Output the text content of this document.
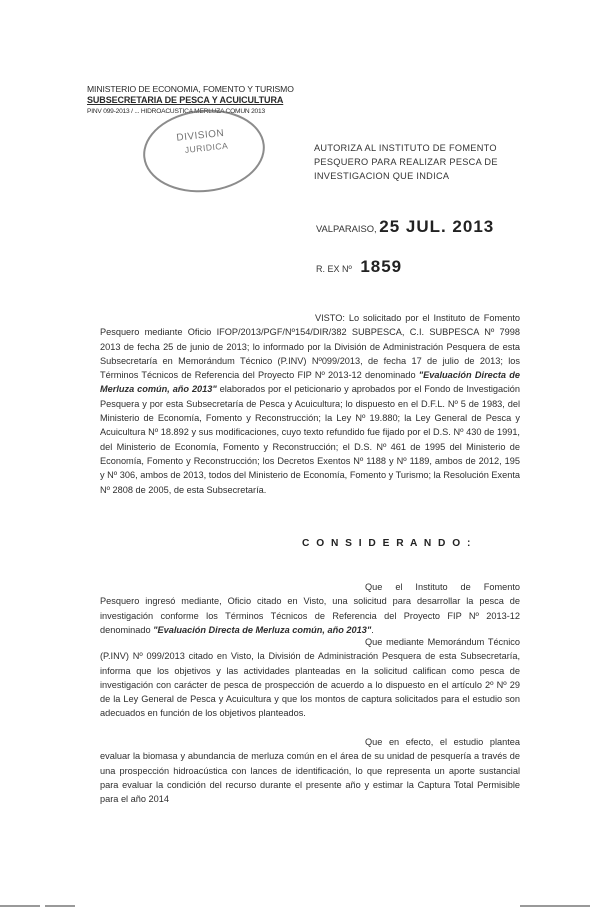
MINISTERIO DE ECONOMIA, FOMENTO Y TURISMO
SUBSECRETARIA DE PESCA Y ACUICULTURA
PINV 099-2013 / ... HIDROACUSTICA MERLUZA COMUN 2013
DIVISION
JURIDICA	AUTORIZA AL INSTITUTO DE FOMENTO PESQUERO PARA REALIZAR PESCA DE INVESTIGACION QUE INDICA
VALPARAISO, 25 JUL. 2013
R. EX Nº 1859
VISTO: Lo solicitado por el Instituto de Fomento Pesquero mediante Oficio IFOP/2013/PGF/Nº154/DIR/382 SUBPESCA, C.I. SUBPESCA Nº 7998 2013 de fecha 25 de junio de 2013; lo informado por la División de Administración Pesquera de esta Subsecretaría en Memorándum Técnico (P.INV) Nº099/2013, de fecha 17 de julio de 2013; los Términos Técnicos de Referencia del Proyecto FIP Nº 2013-12 denominado "Evaluación Directa de Merluza común, año 2013" elaborados por el peticionario y aprobados por el Fondo de Investigación Pesquera y por esta Subsecretaría de Pesca y Acuicultura; lo dispuesto en el D.F.L. Nº 5 de 1983, del Ministerio de Economía, Fomento y Reconstrucción; la Ley Nº 19.880; la Ley General de Pesca y Acuicultura Nº 18.892 y sus modificaciones, cuyo texto refundido fue fijado por el D.S. Nº 430 de 1991, del Ministerio de Economía, Fomento y Reconstrucción; el D.S. Nº 461 de 1995 del Ministerio de Economía, Fomento y Reconstrucción; los Decretos Exentos Nº 1188 y Nº 1189, ambos de 2012, 195 y Nº 306, ambos de 2013, todos del Ministerio de Economía, Fomento y Turismo; la Resolución Exenta Nº 2808 de 2005, de esta Subsecretaría.
C O N S I D E R A N D O :
Que el Instituto de Fomento Pesquero ingresó mediante, Oficio citado en Visto, una solicitud para desarrollar la pesca de investigación conforme los Términos Técnicos de Referencia del Proyecto FIP Nº 2013-12 denominado "Evaluación Directa de Merluza común, año 2013".
Que mediante Memorándum Técnico (P.INV) Nº 099/2013 citado en Visto, la División de Administración Pesquera de esta Subsecretaría, informa que los objetivos y las actividades planteadas en la solicitud califican como pesca de investigación con carácter de pesca de prospección de acuerdo a lo dispuesto en el artículo 2º Nº 29 de la Ley General de Pesca y Acuicultura y que los montos de captura solicitados para el estudio son adecuados en función de los objetivos planteados.
Que en efecto, el estudio plantea evaluar la biomasa y abundancia de merluza común en el área de su unidad de pesquería a través de una prospección hidroacústica con lances de identificación, lo que representa un aporte sustancial para evaluar la condición del recurso durante el presente año y estimar la Captura Total Permisible para el año 2014
